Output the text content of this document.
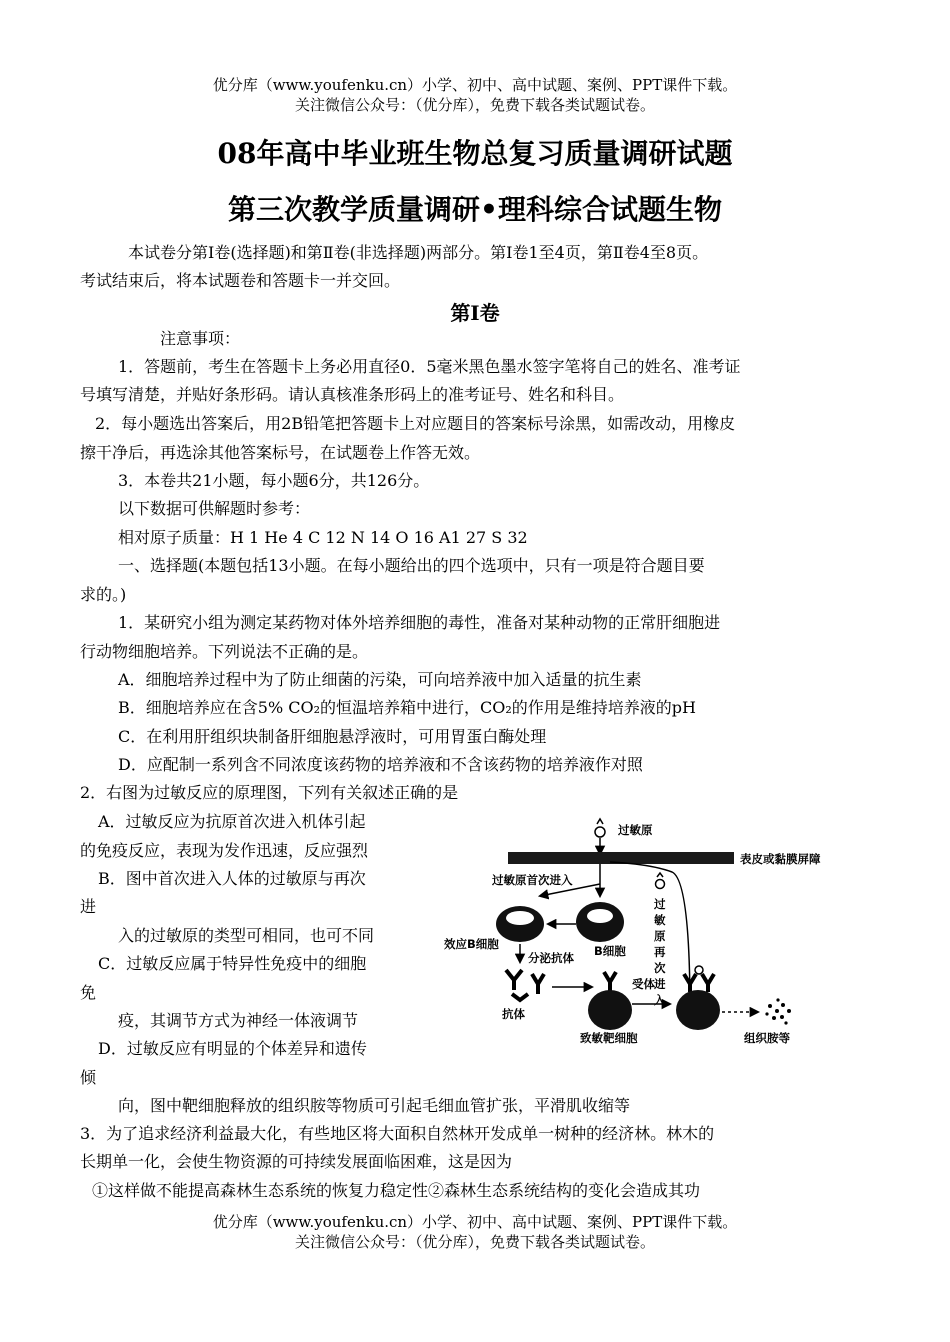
优分库（www.youfenku.cn）小学、初中、高中试题、案例、PPT课件下载。
关注微信公众号：（优分库），免费下载各类试题试卷。
08年高中毕业班生物总复习质量调研试题
第三次教学质量调研•理科综合试题生物
本试卷分第Ⅰ卷(选择题)和第Ⅱ卷(非选择题)两部分。第Ⅰ卷1至4页，第Ⅱ卷4至8页。
考试结束后，将本试题卷和答题卡一并交回。
第Ⅰ卷
注意事项：
1．答题前，考生在答题卡上务必用直径0．5毫米黑色墨水签字笔将自己的姓名、准考证
号填写清楚，并贴好条形码。请认真核准条形码上的准考证号、姓名和科目。
2．每小题选出答案后，用2B铅笔把答题卡上对应题目的答案标号涂黑，如需改动，用橡皮
擦干净后，再选涂其他答案标号，在试题卷上作答无效。
3．本卷共21小题，每小题6分，共126分。
以下数据可供解题时参考：
相对原子质量：H 1 He 4 C 12 N 14 O 16 A1 27 S 32
一、选择题(本题包括13小题。在每小题给出的四个选项中，只有一项是符合题目要
求的。)
1．某研究小组为测定某药物对体外培养细胞的毒性，准备对某种动物的正常肝细胞进
行动物细胞培养。下列说法不正确的是。
A．细胞培养过程中为了防止细菌的污染，可向培养液中加入适量的抗生素
B．细胞培养应在含5% CO₂的恒温培养箱中进行，CO₂的作用是维持培养液的pH
C．在利用肝组织块制备肝细胞悬浮液时，可用胃蛋白酶处理
D．应配制一系列含不同浓度该药物的培养液和不含该药物的培养液作对照
2．右图为过敏反应的原理图，下列有关叙述正确的是
A．过敏反应为抗原首次进入机体引起
的免疫反应，表现为发作迅速，反应强烈
B．图中首次进入人体的过敏原与再次
进
入的过敏原的类型可相同，也可不同
C．过敏反应属于特异性免疫中的细胞
免
疫，其调节方式为神经一体液调节
D．过敏反应有明显的个体差异和遗传
倾
向，图中靶细胞释放的组织胺等物质可引起毛细血管扩张，平滑肌收缩等
过敏原
表皮或黏膜屏障
过敏原首次进入
过
敏
原
再
次
进
入
效应B细胞	B细胞
分泌抗体
抗体
受体
致敏靶细胞	组织胺等
3．为了追求经济利益最大化，有些地区将大面积自然林开发成单一树种的经济林。林木的
长期单一化，会使生物资源的可持续发展面临困难，这是因为
①这样做不能提高森林生态系统的恢复力稳定性②森林生态系统结构的变化会造成其功
优分库（www.youfenku.cn）小学、初中、高中试题、案例、PPT课件下载。
关注微信公众号：（优分库），免费下载各类试题试卷。
